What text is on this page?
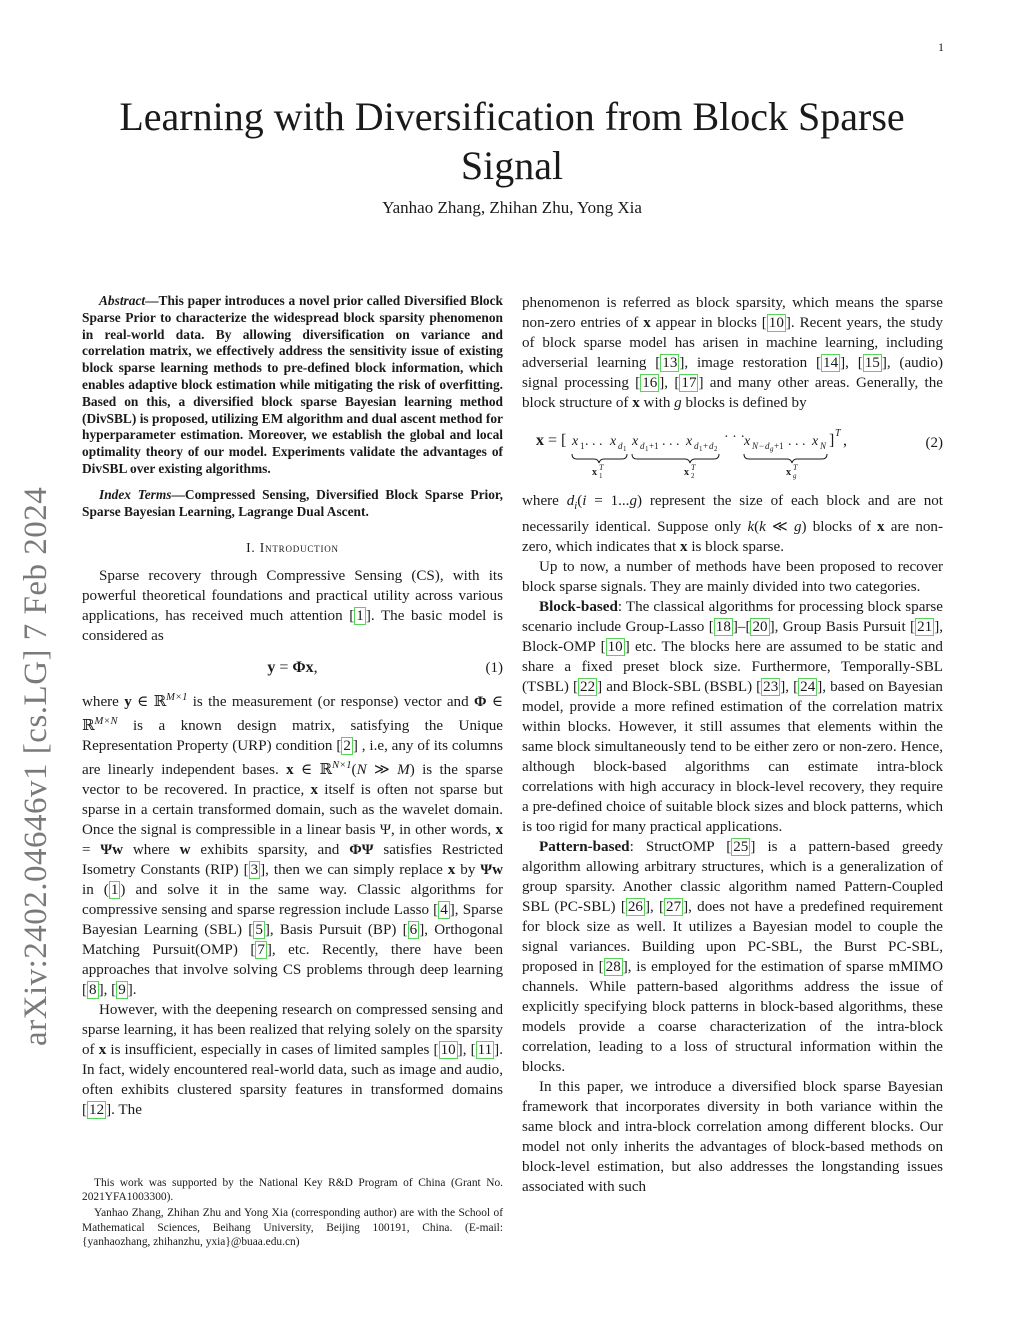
1
arXiv:2402.04646v1 [cs.LG] 7 Feb 2024
Learning with Diversification from Block Sparse Signal
Yanhao Zhang, Zhihan Zhu, Yong Xia

Abstract—This paper introduces a novel prior called Diversified Block Sparse Prior to characterize the widespread block sparsity phenomenon in real-world data. By allowing diversification on variance and correlation matrix, we effectively address the sensitivity issue of existing block sparse learning methods to pre-defined block information, which enables adaptive block estimation while mitigating the risk of overfitting. Based on this, a diversified block sparse Bayesian learning method (DivSBL) is proposed, utilizing EM algorithm and dual ascent method for hyperparameter estimation. Moreover, we establish the global and local optimality theory of our model. Experiments validate the advantages of DivSBL over existing algorithms.

Index Terms—Compressed Sensing, Diversified Block Sparse Prior, Sparse Bayesian Learning, Lagrange Dual Ascent.

I. Introduction

Sparse recovery through Compressive Sensing (CS), with its powerful theoretical foundations and practical utility across various applications, has received much attention [ 1 ]. The basic model is considered as

y = Φx,	(1)

where y ∈ ℝ$^{M\times 1}$ is the measurement (or response) vector and Φ ∈ ℝ$^{M\times N}$ is a known design matrix, satisfying the Unique Representation Property (URP) condition [ 2 ] , i.e, any of its columns are linearly independent bases. x ∈ ℝ$^{N\times 1}$(N ≫ M) is the sparse vector to be recovered. In practice, x itself is often not sparse but sparse in a certain transformed domain, such as the wavelet domain. Once the signal is compressible in a linear basis Ψ, in other words, x = Ψw where w exhibits sparsity, and ΦΨ satisfies Restricted Isometry Constants (RIP) [ 3 ], then we can simply replace x by Ψw in ( 1 ) and solve it in the same way. Classic algorithms for compressive sensing and sparse regression include Lasso [ 4 ], Sparse Bayesian Learning (SBL) [ 5 ], Basis Pursuit (BP) [ 6 ], Orthogonal Matching Pursuit(OMP) [ 7 ], etc. Recently, there have been approaches that involve solving CS problems through deep learning [ 8 ], [ 9 ].

However, with the deepening research on compressed sensing and sparse learning, it has been realized that relying solely on the sparsity of x is insufficient, especially in cases of limited samples [ 10 ], [ 11 ]. In fact, widely encountered real-world data, such as image and audio, often exhibits clustered sparsity features in transformed domains [ 12 ]. The

This work was supported by the National Key R&D Program of China (Grant No. 2021YFA1003300).

Yanhao Zhang, Zhihan Zhu and Yong Xia (corresponding author) are with the School of Mathematical Sciences, Beihang University, Beijing 100191, China. (E-mail: {yanhaozhang, zhihanzhu, yxia}@buaa.edu.cn)

phenomenon is referred as block sparsity, which means the sparse non-zero entries of x appear in blocks [ 10 ]. Recent years, the study of block sparse model has arisen in machine learning, including adverserial learning [ 13 ], image restoration [ 14 ], [ 15 ], (audio) signal processing [ 16 ], [ 17 ] and many other areas. Generally, the block structure of x with g blocks is defined by

x = [ x 1 . . . x d 1 x d 1 +1 . . . x d 1 + d 2
· · · x N − d g +1 . . . x N ] T ,
x T
1	x T
2	x T
g
(2)

where $d_i(i = 1...g)$ represent the size of each block and are not necessarily identical. Suppose only k(k ≪ g) blocks of x are non-zero, which indicates that x is block sparse.

Up to now, a number of methods have been proposed to recover block sparse signals. They are mainly divided into two categories.

Block-based: The classical algorithms for processing block sparse scenario include Group-Lasso [ 18 ]–[ 20 ], Group Basis Pursuit [ 21 ], Block-OMP [ 10 ] etc. The blocks here are assumed to be static and share a fixed preset block size. Furthermore, Temporally-SBL (TSBL) [ 22 ] and Block-SBL (BSBL) [ 23 ], [ 24 ], based on Bayesian model, provide a more refined estimation of the correlation matrix within blocks. However, it still assumes that elements within the same block simultaneously tend to be either zero or non-zero. Hence, although block-based algorithms can estimate intra-block correlations with high accuracy in block-level recovery, they require a pre-defined choice of suitable block sizes and block patterns, which is too rigid for many practical applications.

Pattern-based: StructOMP [ 25 ] is a pattern-based greedy algorithm allowing arbitrary structures, which is a generalization of group sparsity. Another classic algorithm named Pattern-Coupled SBL (PC-SBL) [ 26 ], [ 27 ], does not have a predefined requirement for block size as well. It utilizes a Bayesian model to couple the signal variances. Building upon PC-SBL, the Burst PC-SBL, proposed in [ 28 ], is employed for the estimation of sparse mMIMO channels. While pattern-based algorithms address the issue of explicitly specifying block patterns in block-based algorithms, these models provide a coarse characterization of the intra-block correlation, leading to a loss of structural information within the blocks.

In this paper, we introduce a diversified block sparse Bayesian framework that incorporates diversity in both variance within the same block and intra-block correlation among different blocks. Our model not only inherits the advantages of block-based methods on block-level estimation, but also addresses the longstanding issues associated with such
